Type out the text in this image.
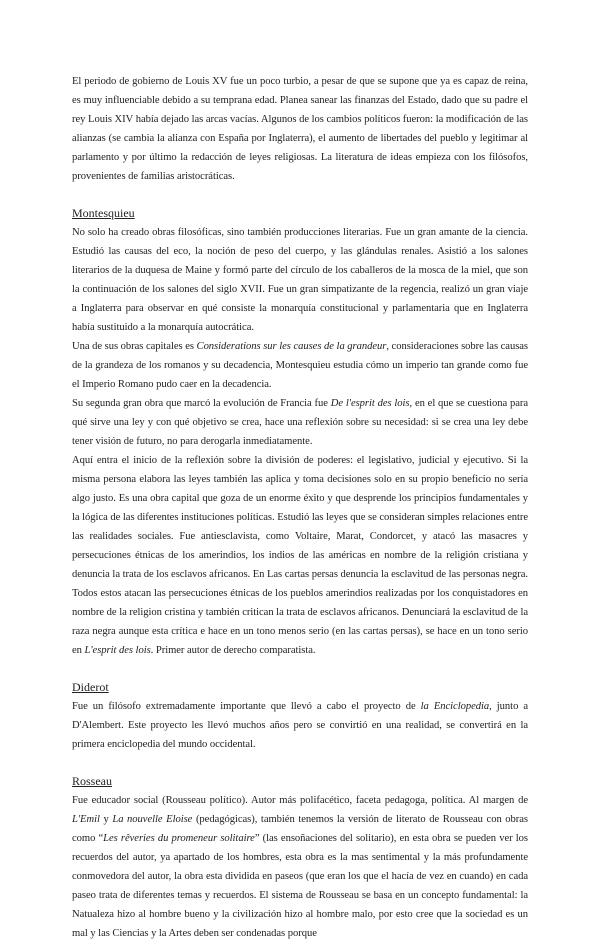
El periodo de gobierno de Louis XV fue un poco turbio, a pesar de que se supone que ya es capaz de reina, es muy influenciable debido a su temprana edad. Planea sanear las finanzas del Estado, dado que su padre el rey Louis XIV había dejado las arcas vacías. Algunos de los cambios políticos fueron: la modificación de las alianzas (se cambia la alianza con España por Inglaterra), el aumento de libertades del pueblo y legitimar al parlamento y por último la redacción de leyes religiosas. La literatura de ideas empieza con los filósofos, provenientes de familias aristocráticas.

Montesquieu

No solo ha creado obras filosóficas, sino también producciones literarias. Fue un gran amante de la ciencia. Estudió las causas del eco, la noción de peso del cuerpo, y las glándulas renales. Asistió a los salones literarios de la duquesa de Maine y formó parte del círculo de los caballeros de la mosca de la miel, que son la continuación de los salones del siglo XVII. Fue un gran simpatizante de la regencia, realizó un gran viaje a Inglaterra para observar en qué consiste la monarquía constitucional y parlamentaria que en Inglaterra había sustituido a la monarquía autocrática.

Una de sus obras capitales es Considerations sur les causes de la grandeur, consideraciones sobre las causas de la grandeza de los romanos y su decadencia, Montesquieu estudia cómo un imperio tan grande como fue el Imperio Romano pudo caer en la decadencia.

Su segunda gran obra que marcó la evolución de Francia fue De l'esprit des lois, en el que se cuestiona para qué sirve una ley y con qué objetivo se crea, hace una reflexión sobre su necesidad: si se crea una ley debe tener visión de futuro, no para derogarla inmediatamente.

Aquí entra el inicio de la reflexión sobre la división de poderes: el legislativo, judicial y ejecutivo. Si la misma persona elabora las leyes también las aplica y toma decisiones solo en su propio beneficio no sería algo justo. Es una obra capital que goza de un enorme éxito y que desprende los principios fundamentales y la lógica de las diferentes instituciones políticas. Estudió las leyes que se consideran simples relaciones entre las realidades sociales. Fue antiesclavista, como Voltaire, Marat, Condorcet, y atacó las masacres y persecuciones étnicas de los amerindios, los indios de las américas en nombre de la religión cristiana y denuncia la trata de los esclavos africanos. En Las cartas persas denuncia la esclavitud de las personas negra. Todos estos atacan las persecuciones étnicas de los pueblos amerindios realizadas por los conquistadores en nombre de la religion cristina y también critican la trata de esclavos africanos. Denunciará la esclavitud de la raza negra aunque esta crítica e hace en un tono menos serio (en las cartas persas), se hace en un tono serio en L'esprit des lois. Primer autor de derecho comparatista.

Diderot

Fue un filósofo extremadamente importante que llevó a cabo el proyecto de la Enciclopedia, junto a D'Alembert. Este proyecto les llevó muchos años pero se convirtió en una realidad, se convertirá en la primera enciclopedia del mundo occidental.

Rosseau

Fue educador social (Rousseau político). Autor más polifacético, faceta pedagoga, política. Al margen de L'Emil y La nouvelle Eloise (pedagógicas), también tenemos la versión de literato de Rousseau con obras como “Les rêveries du promeneur solitaire” (las ensoñaciones del solitario), en esta obra se pueden ver los recuerdos del autor, ya apartado de los hombres, esta obra es la mas sentimental y la más profundamente conmovedora del autor, la obra esta dividida en paseos (que eran los que el hacía de vez en cuando) en cada paseo trata de diferentes temas y recuerdos. El sistema de Rousseau se basa en un concepto fundamental: la Natualeza hizo al hombre bueno y la civilización hizo al hombre malo, por esto cree que la sociedad es un mal y las Ciencias y la Artes deben ser condenadas porque
